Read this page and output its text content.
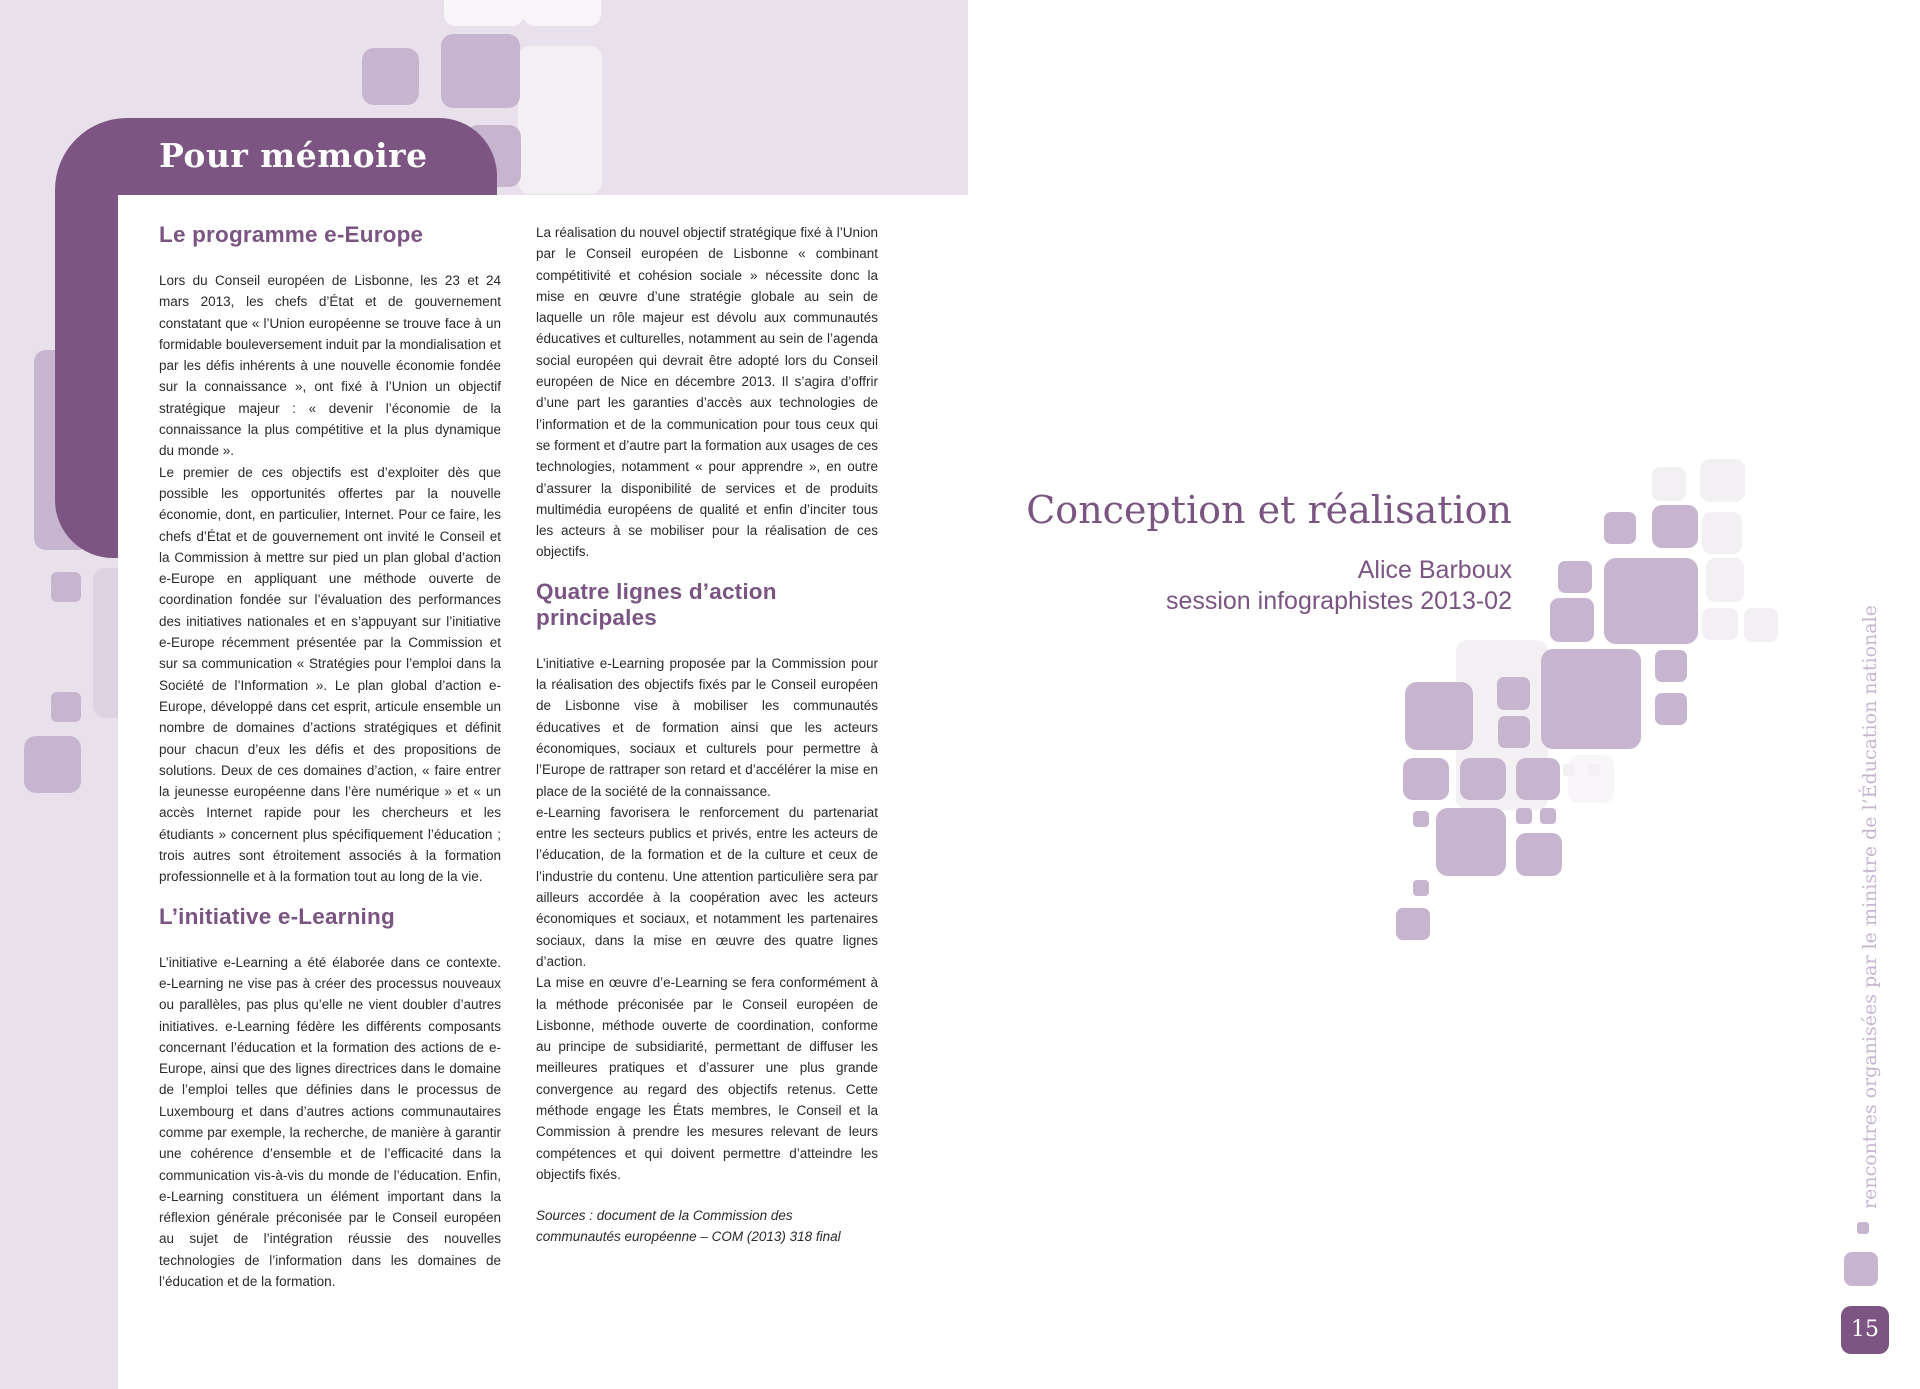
Pour mémoire
Le programme e-Europe

Lors du Conseil européen de Lisbonne, les 23 et 24 mars 2013, les chefs d’État et de gouvernement constatant que « l’Union européenne se trouve face à un formidable bouleversement induit par la mondialisation et par les défis inhérents à une nouvelle économie fondée sur la connaissance », ont fixé à l’Union un objectif stratégique majeur : « devenir l’économie de la connaissance la plus compétitive et la plus dynamique du monde ».

Le premier de ces objectifs est d’exploiter dès que possible les opportunités offertes par la nouvelle économie, dont, en particulier, Internet. Pour ce faire, les chefs d’État et de gouvernement ont invité le Conseil et la Commission à mettre sur pied un plan global d’action e-Europe en appliquant une méthode ouverte de coordination fondée sur l’évaluation des performances des initiatives nationales et en s’appuyant sur l’initiative e-Europe récemment présentée par la Commission et sur sa communication « Stratégies pour l’emploi dans la Société de l’Information ». Le plan global d’action e-Europe, développé dans cet esprit, articule ensemble un nombre de domaines d’actions stratégiques et définit pour chacun d’eux les défis et des propositions de solutions. Deux de ces domaines d’action, « faire entrer la jeunesse européenne dans l’ère numérique » et « un accès Internet rapide pour les chercheurs et les étudiants » concernent plus spécifiquement l’éducation ; trois autres sont étroitement associés à la formation professionnelle et à la formation tout au long de la vie.

L’initiative e-Learning

L’initiative e-Learning a été élaborée dans ce contexte. e-Learning ne vise pas à créer des processus nouveaux ou parallèles, pas plus qu’elle ne vient doubler d’autres initiatives. e-Learning fédère les différents composants concernant l’éducation et la formation des actions de e-Europe, ainsi que des lignes directrices dans le domaine de l’emploi telles que définies dans le processus de Luxembourg et dans d’autres actions communautaires comme par exemple, la recherche, de manière à garantir une cohérence d’ensemble et de l’efficacité dans la communication vis-à-vis du monde de l’éducation. Enfin, e-Learning constituera un élément important dans la réflexion générale préconisée par le Conseil européen au sujet de l’intégration réussie des nouvelles technologies de l’information dans les domaines de l’éducation et de la formation.

La réalisation du nouvel objectif stratégique fixé à l’Union par le Conseil européen de Lisbonne « combinant compétitivité et cohésion sociale » nécessite donc la mise en œuvre d’une stratégie globale au sein de laquelle un rôle majeur est dévolu aux communautés éducatives et culturelles, notamment au sein de l’agenda social européen qui devrait être adopté lors du Conseil européen de Nice en décembre 2013. Il s’agira d’offrir d’une part les garanties d’accès aux technologies de l’information et de la communication pour tous ceux qui se forment et d’autre part la formation aux usages de ces technologies, notamment « pour apprendre », en outre d’assurer la disponibilité de services et de produits multimédia européens de qualité et enfin d’inciter tous les acteurs à se mobiliser pour la réalisation de ces objectifs.

Quatre lignes d’action principales

L’initiative e-Learning proposée par la Commission pour la réalisation des objectifs fixés par le Conseil européen de Lisbonne vise à mobiliser les communautés éducatives et de formation ainsi que les acteurs économiques, sociaux et culturels pour permettre à l’Europe de rattraper son retard et d’accélérer la mise en place de la société de la connaissance.

e-Learning favorisera le renforcement du partenariat entre les secteurs publics et privés, entre les acteurs de l’éducation, de la formation et de la culture et ceux de l’industrie du contenu. Une attention particulière sera par ailleurs accordée à la coopération avec les acteurs économiques et sociaux, et notamment les partenaires sociaux, dans la mise en œuvre des quatre lignes d’action.

La mise en œuvre d’e-Learning se fera conformément à la méthode préconisée par le Conseil européen de Lisbonne, méthode ouverte de coordination, conforme au principe de subsidiarité, permettant de diffuser les meilleures pratiques et d’assurer une plus grande convergence au regard des objectifs retenus. Cette méthode engage les États membres, le Conseil et la Commission à prendre les mesures relevant de leurs compétences et qui doivent permettre d’atteindre les objectifs fixés.

Sources : document de la Commission des communautés européenne – COM (2013) 318 final

Conception et réalisation
Alice Barboux
session infographistes 2013-02
rencontres organisées par le ministre de l’Éducation nationale
15
